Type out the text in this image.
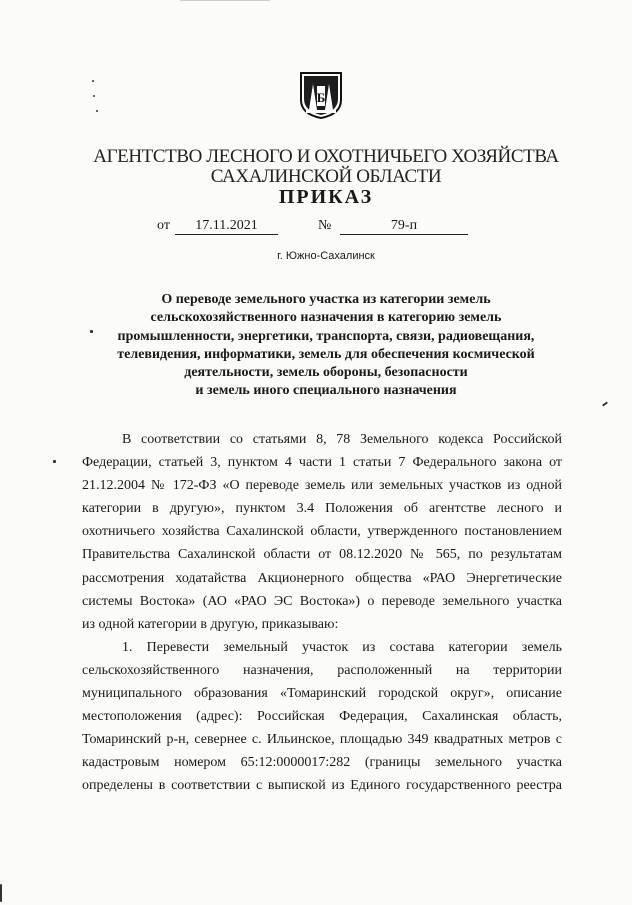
Б
АГЕНТСТВО ЛЕСНОГО И ОХОТНИЧЬЕГО ХОЗЯЙСТВА
САХАЛИНСКОЙ ОБЛАСТИ
ПРИКАЗ
от	17.11.2021	№	79-п
г. Южно-Сахалинск
О переводе земельного участка из категории земель
сельскохозяйственного назначения в категорию земель
промышленности, энергетики, транспорта, связи, радиовещания,
телевидения, информатики, земель для обеспечения космической
деятельности, земель обороны, безопасности
и земель иного специального назначения
В соответствии со статьями 8, 78 Земельного кодекса Российской
Федерации, статьей 3, пунктом 4 части 1 статьи 7 Федерального закона от
21.12.2004 № 172-ФЗ «О переводе земель или земельных участков из одной
категории в другую», пунктом 3.4 Положения об агентстве лесного и
охотничьего хозяйства Сахалинской области, утвержденного постановлением
Правительства Сахалинской области от 08.12.2020 № 565, по результатам
рассмотрения ходатайства Акционерного общества «РАО Энергетические
системы Востока» (АО «РАО ЭС Востока») о переводе земельного участка
из одной категории в другую, приказываю:
1. Перевести земельный участок из состава категории земель
сельскохозяйственного назначения, расположенный на территории
муниципального образования «Томаринский городской округ», описание
местоположения (адрес): Российская Федерация, Сахалинская область,
Томаринский р-н, севернее с. Ильинское, площадью 349 квадратных метров с
кадастровым номером 65:12:0000017:282 (границы земельного участка
определены в соответствии с выпиской из Единого государственного реестра
